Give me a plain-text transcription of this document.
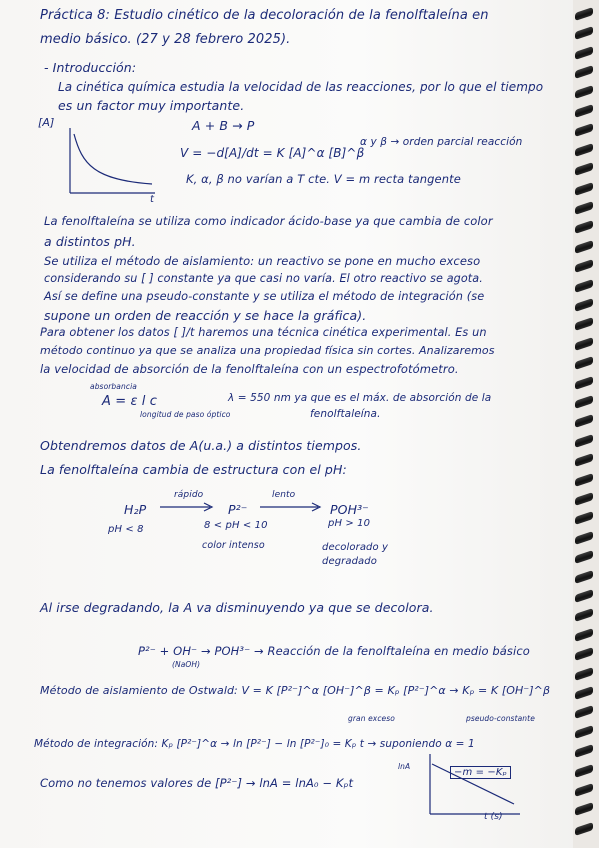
Práctica 8: Estudio cinético de la decoloración de la fenolftaleína en
medio básico. (27 y 28 febrero 2025).
- Introducción:
La cinética química estudia la velocidad de las reacciones, por lo que el tiempo
es un factor muy importante.
[A]
t
A + B → P
V = −d[A]/dt = K [A]^α [B]^β
α y β → orden parcial reacción
K, α, β no varían a T cte. V = m recta tangente
La fenolftaleína se utiliza como indicador ácido-base ya que cambia de color
a distintos pH.
Se utiliza el método de aislamiento: un reactivo se pone en mucho exceso
considerando su [ ] constante ya que casi no varía. El otro reactivo se agota.
Así se define una pseudo-constante y se utiliza el método de integración (se
supone un orden de reacción y se hace la gráfica).
Para obtener los datos [ ]/t haremos una técnica cinética experimental. Es un
método continuo ya que se analiza una propiedad física sin cortes. Analizaremos
la velocidad de absorción de la fenolftaleína con un espectrofotómetro.
absorbancia
A = ε l c
longitud de paso óptico
λ = 550 nm ya que es el máx. de absorción de la
fenolftaleína.
Obtendremos datos de A(u.a.) a distintos tiempos.
La fenolftaleína cambia de estructura con el pH:
H₂P
rápido
P²⁻
lento
POH³⁻
pH < 8	8 < pH < 10	pH > 10
color intenso	decolorado y
degradado
Al irse degradando, la A va disminuyendo ya que se decolora.
P²⁻ + OH⁻ → POH³⁻ → Reacción de la fenolftaleína en medio básico
(NaOH)
Método de aislamiento de Ostwald: V = K [P²⁻]^α [OH⁻]^β = Kₚ [P²⁻]^α → Kₚ = K [OH⁻]^β
gran exceso	pseudo-constante
Método de integración: Kₚ [P²⁻]^α → ln [P²⁻] − ln [P²⁻]₀ = Kₚ t → suponiendo α = 1
Como no tenemos valores de [P²⁻] → lnA = lnA₀ − Kₚt
lnA
−m = −Kₚ
t (s)
